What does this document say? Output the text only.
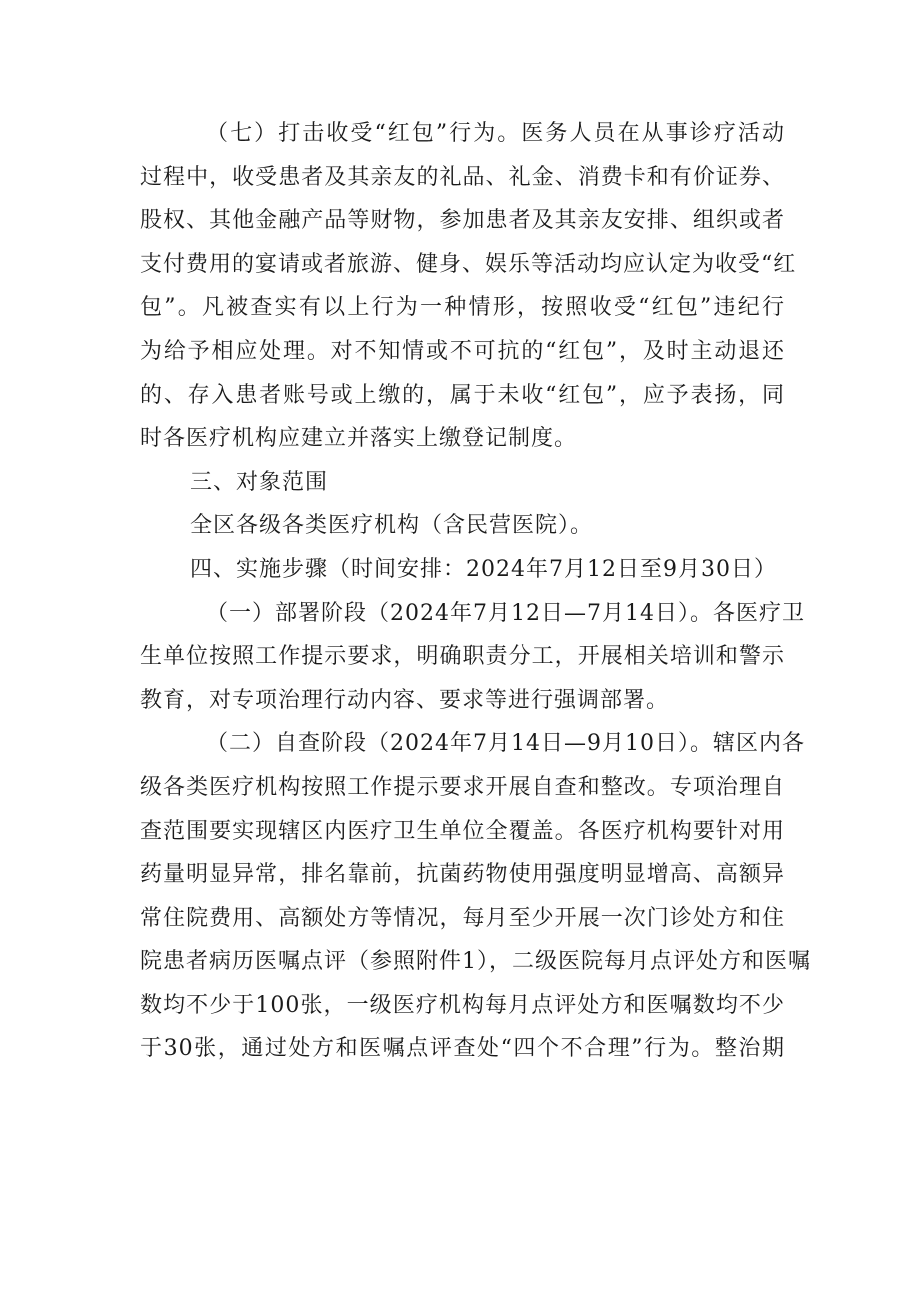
（七）打击收受“红包”行为。医务人员在从事诊疗活动
过程中，收受患者及其亲友的礼品、礼金、消费卡和有价证券、
股权、其他金融产品等财物，参加患者及其亲友安排、组织或者
支付费用的宴请或者旅游、健身、娱乐等活动均应认定为收受“红
包”。凡被查实有以上行为一种情形，按照收受“红包”违纪行
为给予相应处理。对不知情或不可抗的“红包”，及时主动退还
的、存入患者账号或上缴的，属于未收“红包”，应予表扬，同
时各医疗机构应建立并落实上缴登记制度。
三、对象范围
全区各级各类医疗机构（含民营医院）。
四、实施步骤（时间安排：2024年7月12日至9月30日）
（一）部署阶段（2024年7月12日—7月14日）。各医疗卫
生单位按照工作提示要求，明确职责分工，开展相关培训和警示
教育，对专项治理行动内容、要求等进行强调部署。
（二）自查阶段（2024年7月14日—9月10日）。辖区内各
级各类医疗机构按照工作提示要求开展自查和整改。专项治理自
查范围要实现辖区内医疗卫生单位全覆盖。各医疗机构要针对用
药量明显异常，排名靠前，抗菌药物使用强度明显增高、高额异
常住院费用、高额处方等情况，每月至少开展一次门诊处方和住
院患者病历医嘱点评（参照附件1），二级医院每月点评处方和医嘱
数均不少于100张，一级医疗机构每月点评处方和医嘱数均不少
于30张，通过处方和医嘱点评查处“四个不合理”行为。整治期
